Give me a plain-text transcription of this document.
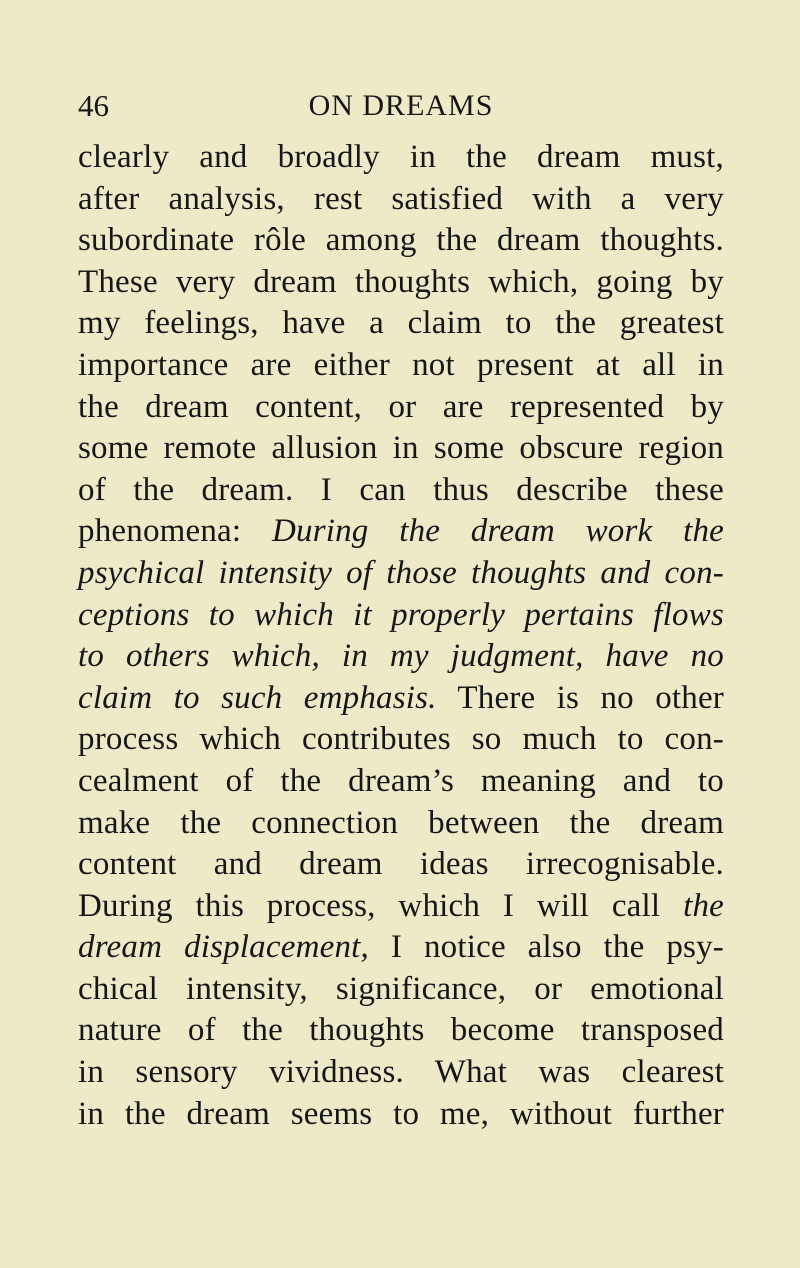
46	ON DREAMS
clearly and broadly in the dream must,
after analysis, rest satisfied with a very
subordinate rôle among the dream thoughts.
These very dream thoughts which, going by
my feelings, have a claim to the greatest
importance are either not present at all in
the dream content, or are represented by
some remote allusion in some obscure region
of the dream. I can thus describe these
phenomena: During the dream work the
psychical intensity of those thoughts and con-
ceptions to which it properly pertains flows
to others which, in my judgment, have no
claim to such emphasis. There is no other
process which contributes so much to con-
cealment of the dream’s meaning and to
make the connection between the dream
content and dream ideas irrecognisable.
During this process, which I will call the
dream displacement, I notice also the psy-
chical intensity, significance, or emotional
nature of the thoughts become transposed
in sensory vividness. What was clearest
in the dream seems to me, without further
